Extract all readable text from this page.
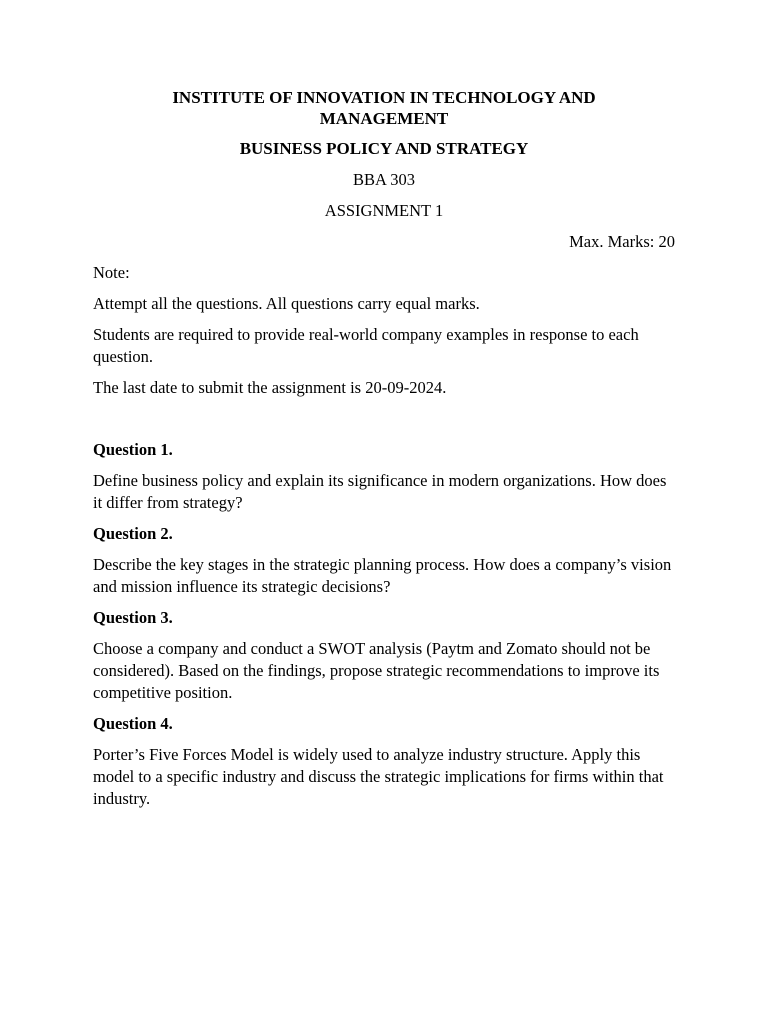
INSTITUTE OF INNOVATION IN TECHNOLOGY AND MANAGEMENT
BUSINESS POLICY AND STRATEGY
BBA 303
ASSIGNMENT 1
Max. Marks: 20
Note:
Attempt all the questions. All questions carry equal marks.
Students are required to provide real-world company examples in response to each question.
The last date to submit the assignment is 20-09-2024.
Question 1.
Define business policy and explain its significance in modern organizations. How does it differ from strategy?
Question 2.
Describe the key stages in the strategic planning process. How does a company’s vision and mission influence its strategic decisions?
Question 3.
Choose a company and conduct a SWOT analysis (Paytm and Zomato should not be considered). Based on the findings, propose strategic recommendations to improve its competitive position.
Question 4.
Porter’s Five Forces Model is widely used to analyze industry structure. Apply this model to a specific industry and discuss the strategic implications for firms within that industry.
